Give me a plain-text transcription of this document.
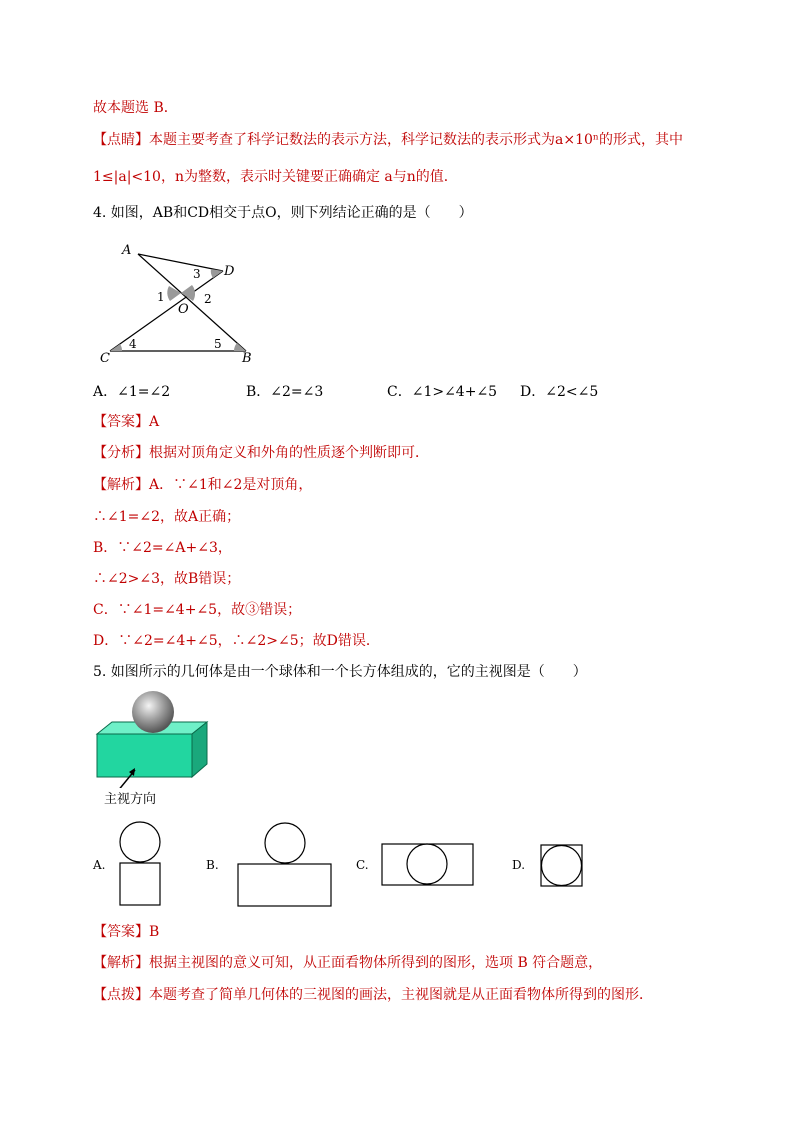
故本题选 B．
【点睛】本题主要考查了科学记数法的表示方法，科学记数法的表示形式为a×10ⁿ的形式，其中
1≤|a|<10，n为整数，表示时关键要正确确定 a与n的值．
4. 如图，AB和CD相交于点O，则下列结论正确的是（　　）
A
D
O
C	B
1	2
3
4	5
A．∠1=∠2	B．∠2=∠3	C．∠1>∠4+∠5 D．∠2<∠5
【答案】A
【分析】根据对顶角定义和外角的性质逐个判断即可．
【解析】A．∵∠1和∠2是对顶角，
∴∠1=∠2，故A正确；
B．∵∠2=∠A+∠3，
∴∠2>∠3，故B错误；
C．∵∠1=∠4+∠5，故③错误；
D．∵∠2=∠4+∠5，∴∠2>∠5；故D错误．
5. 如图所示的几何体是由一个球体和一个长方体组成的，它的主视图是（　　）
主视方向
A.	B.	C.	D.
【答案】B
【解析】根据主视图的意义可知，从正面看物体所得到的图形，选项 B 符合题意，
【点拨】本题考查了简单几何体的三视图的画法，主视图就是从正面看物体所得到的图形．
